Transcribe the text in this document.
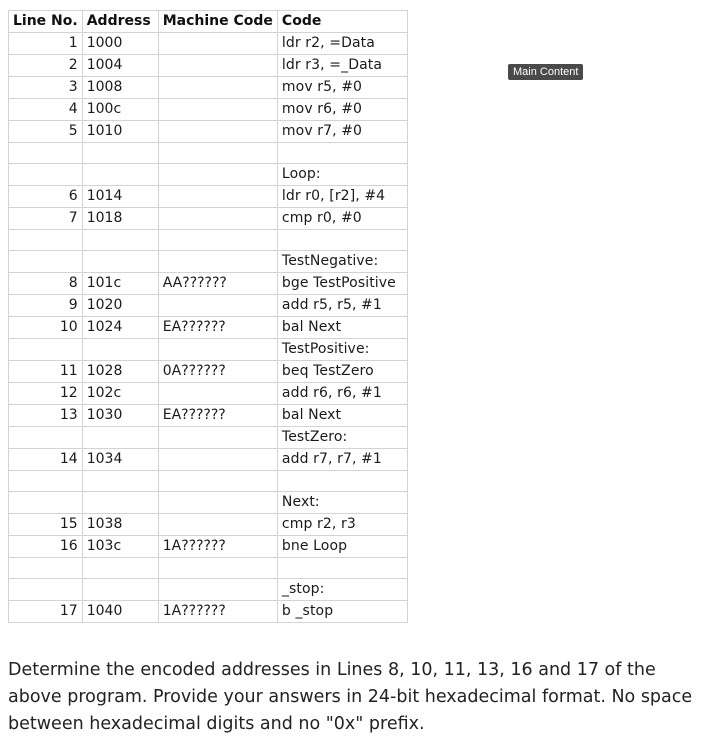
Line No.	Address	Machine Code	Code
1	1000		ldr r2, =Data
2	1004		ldr r3, =_Data
3	1008		mov r5, #0
4	100c		mov r6, #0
5	1010		mov r7, #0

			Loop:
6	1014		ldr r0, [r2], #4
7	1018		cmp r0, #0

			TestNegative:
8	101c	AA??????	bge TestPositive
9	1020		add r5, r5, #1
10	1024	EA??????	bal Next
			TestPositive:
11	1028	0A??????	beq TestZero
12	102c		add r6, r6, #1
13	1030	EA??????	bal Next
			TestZero:
14	1034		add r7, r7, #1

			Next:
15	1038		cmp r2, r3
16	103c	1A??????	bne Loop

			_stop:
17	1040	1A??????	b _stop
Main Content

Determine the encoded addresses in Lines 8, 10, 11, 13, 16 and 17 of the above program. Provide your answers in 24-bit hexadecimal format. No space between hexadecimal digits and no "0x" prefix.
